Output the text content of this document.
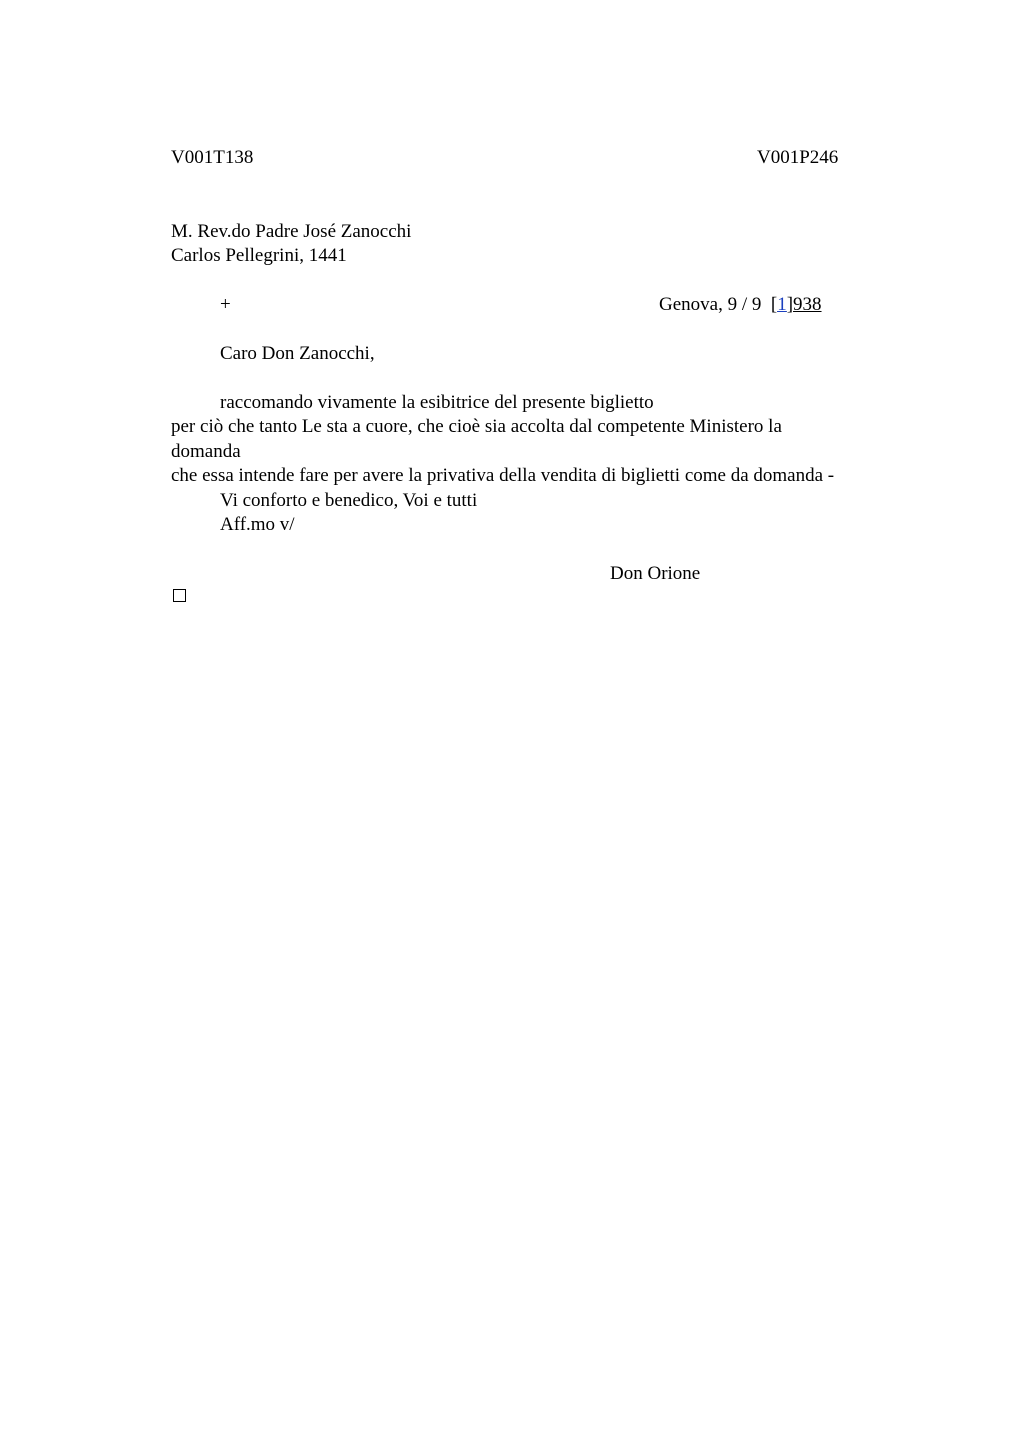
V001T138	V001P246
M. Rev.do Padre José Zanocchi
Carlos Pellegrini, 1441
+	Genova, 9 / 9 [1]938
Caro Don Zanocchi,
raccomando vivamente la esibitrice del presente biglietto
per ciò che tanto Le sta a cuore, che cioè sia accolta dal competente Ministero la
domanda
che essa intende fare per avere la privativa della vendita di biglietti come da domanda -
Vi conforto e benedico, Voi e tutti
Aff.mo v/
Don Orione
